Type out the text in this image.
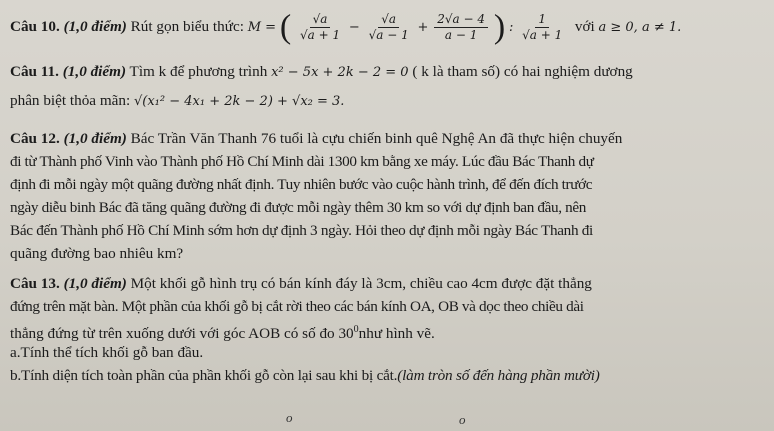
Câu 10. (1,0 điểm) Rút gọn biểu thức: M = ( $\frac{√a}{√a + 1} - \frac{√a}{√a - 1} + \frac{2√a - 4}{a - 1}$ ) : $\frac{1}{√a + 1}$ với a ≥ 0, a ≠ 1.
Câu 11. (1,0 điểm) Tìm k để phương trình x² − 5x + 2k − 2 = 0 ( k là tham số) có hai nghiệm dương
phân biệt thỏa mãn: √(x₁² − 4x₁ + 2k − 2) + √x₂ = 3.
Câu 12. (1,0 điểm) Bác Trần Văn Thanh 76 tuổi là cựu chiến binh quê Nghệ An đã thực hiện chuyến
đi từ Thành phố Vinh vào Thành phố Hồ Chí Minh dài 1300 km bằng xe máy. Lúc đầu Bác Thanh dự
định đi mỗi ngày một quãng đường nhất định. Tuy nhiên bước vào cuộc hành trình, để đến đích trước
ngày diễu binh Bác đã tăng quãng đường đi được mỗi ngày thêm 30 km so với dự định ban đầu, nên
Bác đến Thành phố Hồ Chí Minh sớm hơn dự định 3 ngày. Hỏi theo dự định mỗi ngày Bác Thanh đi
quãng đường bao nhiêu km?
Câu 13. (1,0 điểm) Một khối gỗ hình trụ có bán kính đáy là 3cm, chiều cao 4cm được đặt thẳng
đứng trên mặt bàn. Một phần của khối gỗ bị cắt rời theo các bán kính OA, OB và dọc theo chiều dài
thẳng đứng từ trên xuống dưới với góc AOB có số đo $30^0như$ hình vẽ.
a.Tính thể tích khối gỗ ban đầu.
b.Tính diện tích toàn phần của phần khối gỗ còn lại sau khi bị cắt.(làm tròn số đến hàng phần mười)
o	o
